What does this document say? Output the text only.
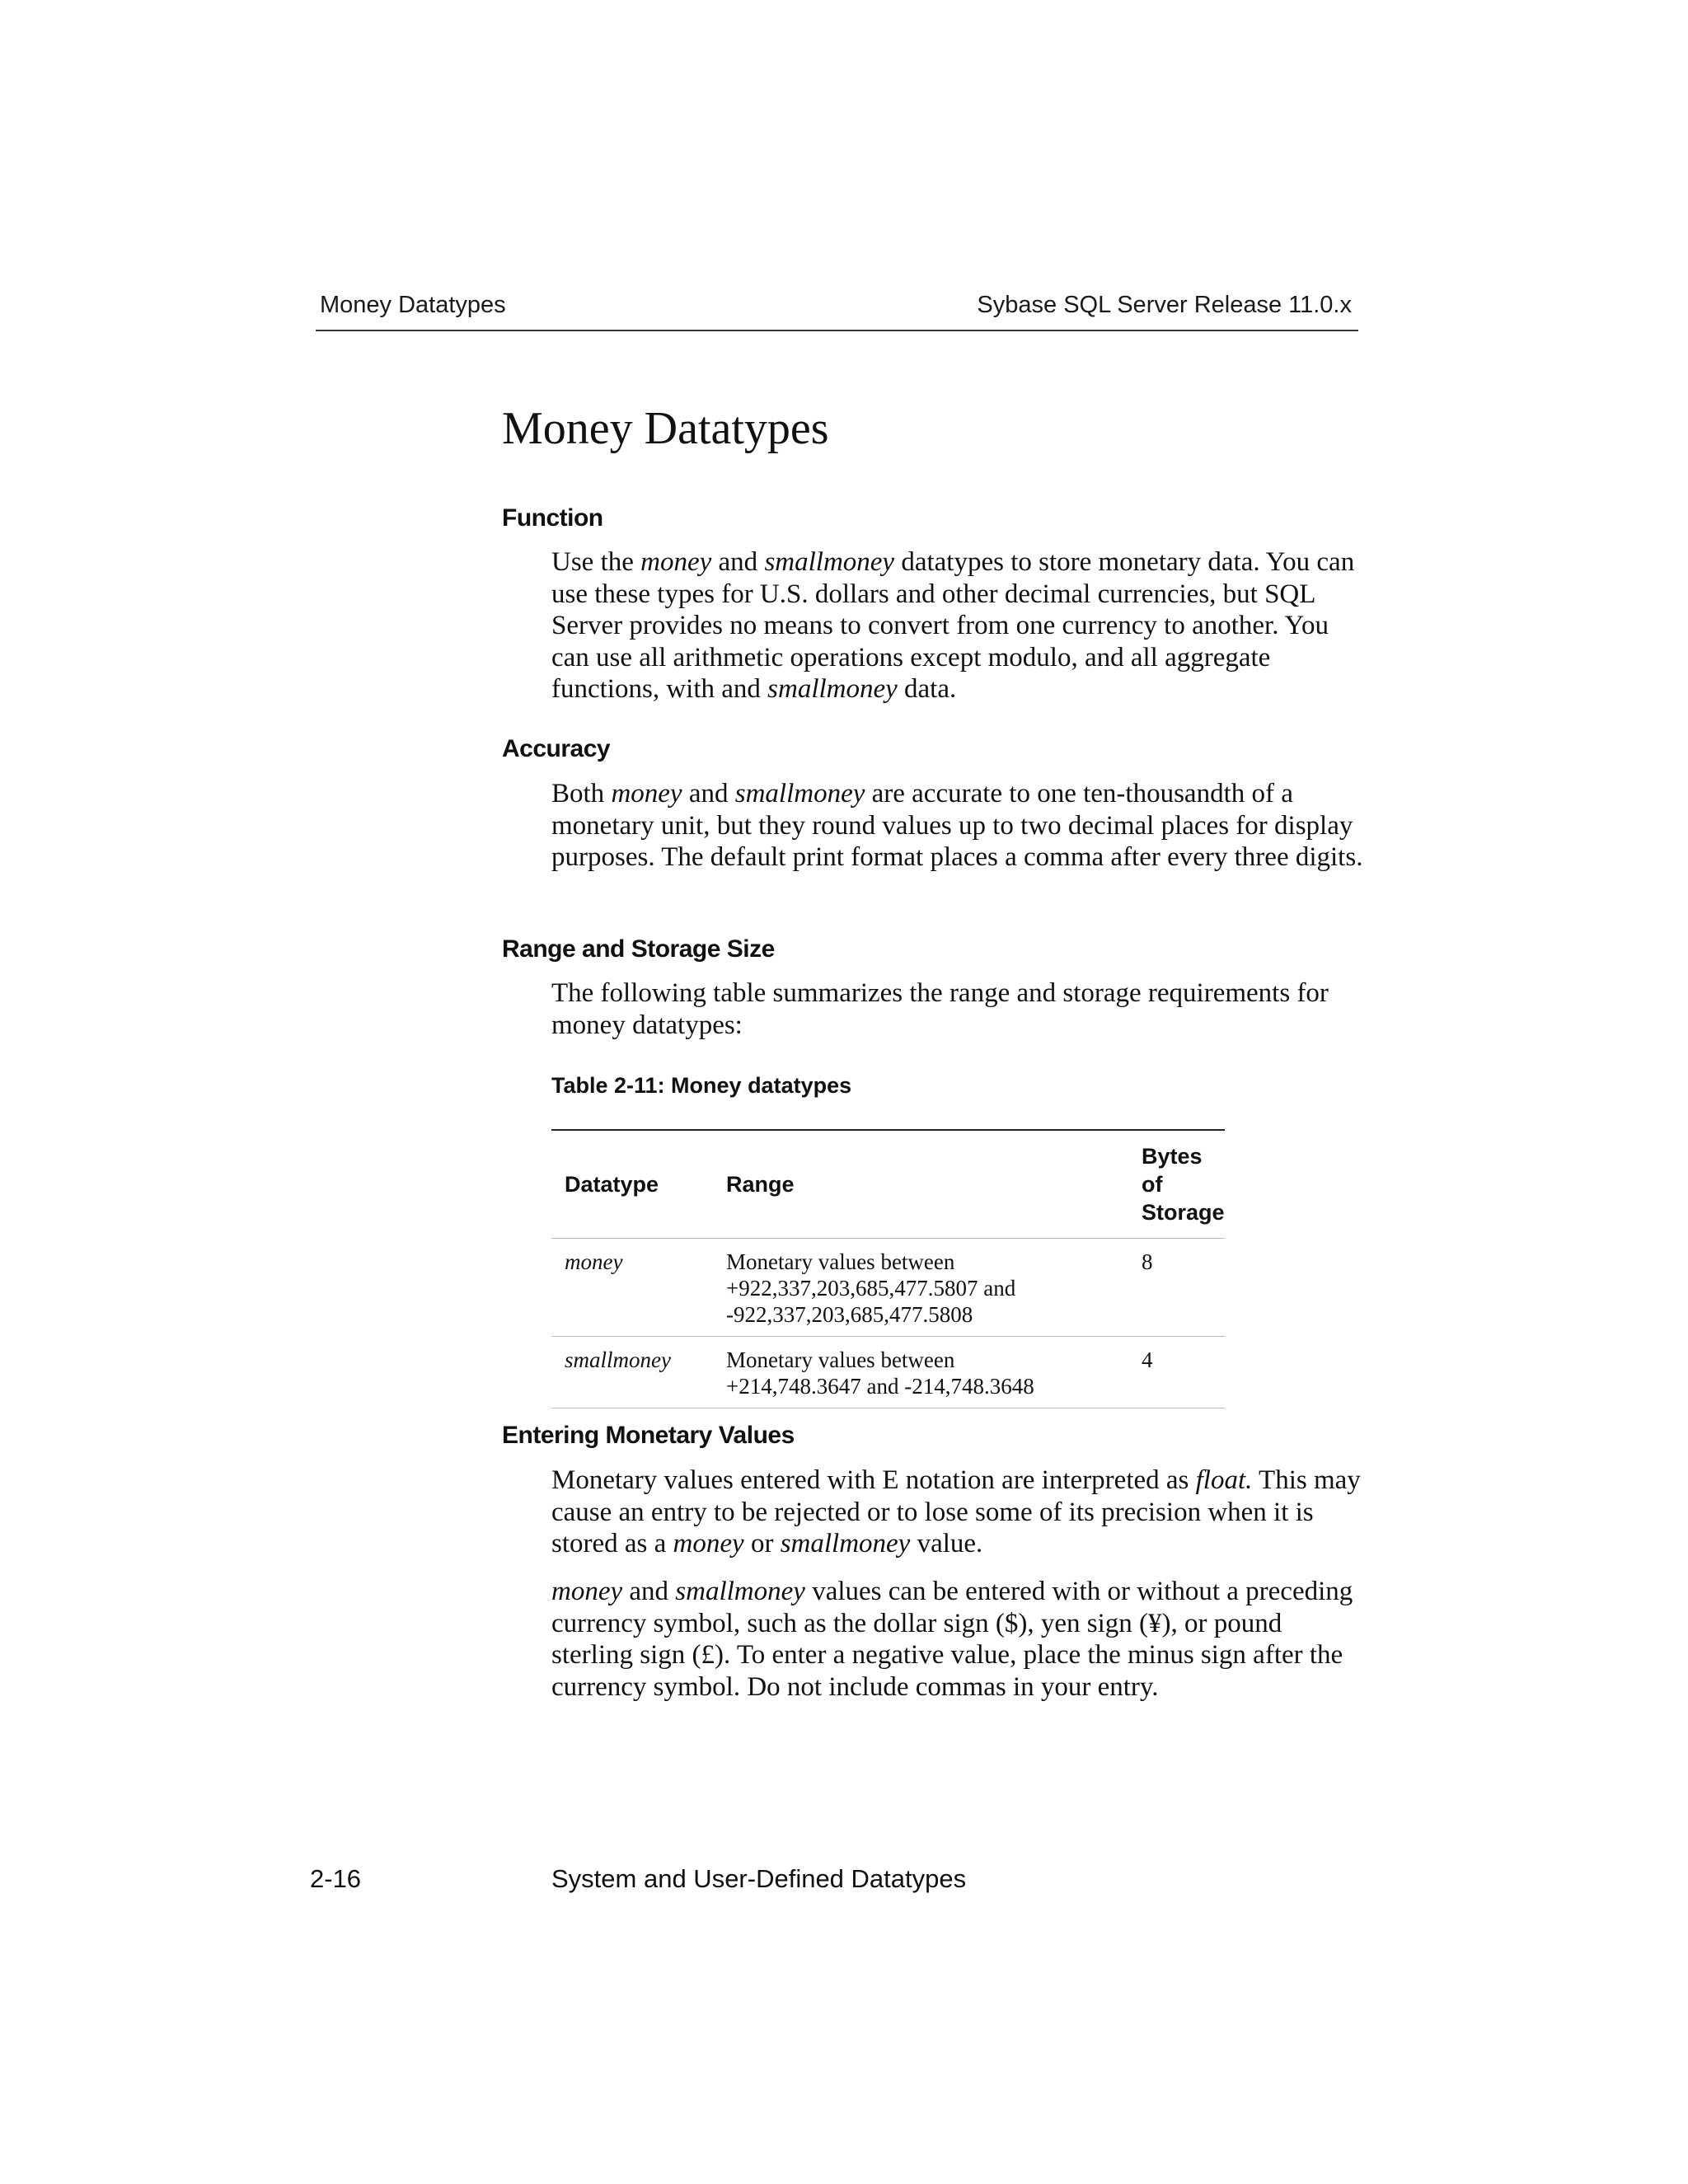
Money Datatypes	Sybase SQL Server Release 11.0.x
Money Datatypes
Function
Use the money and smallmoney datatypes to store monetary data. You can use these types for U.S. dollars and other decimal currencies, but SQL Server provides no means to convert from one currency to another. You can use all arithmetic operations except modulo, and all aggregate functions, with and smallmoney data.
Accuracy
Both money and smallmoney are accurate to one ten-thousandth of a monetary unit, but they round values up to two decimal places for display purposes. The default print format places a comma after every three digits.
Range and Storage Size
The following table summarizes the range and storage requirements for money datatypes:
Table 2-11: Money datatypes
Datatype	Range	Bytes of
Storage
money	Monetary values between
+922,337,203,685,477.5807 and
-922,337,203,685,477.5808	8
smallmoney	Monetary values between
+214,748.3647 and -214,748.3648	4
Entering Monetary Values
Monetary values entered with E notation are interpreted as float. This may cause an entry to be rejected or to lose some of its precision when it is stored as a money or smallmoney value.
money and smallmoney values can be entered with or without a preceding currency symbol, such as the dollar sign ($), yen sign (¥), or pound sterling sign (£). To enter a negative value, place the minus sign after the currency symbol. Do not include commas in your entry.
2-16	System and User-Defined Datatypes
